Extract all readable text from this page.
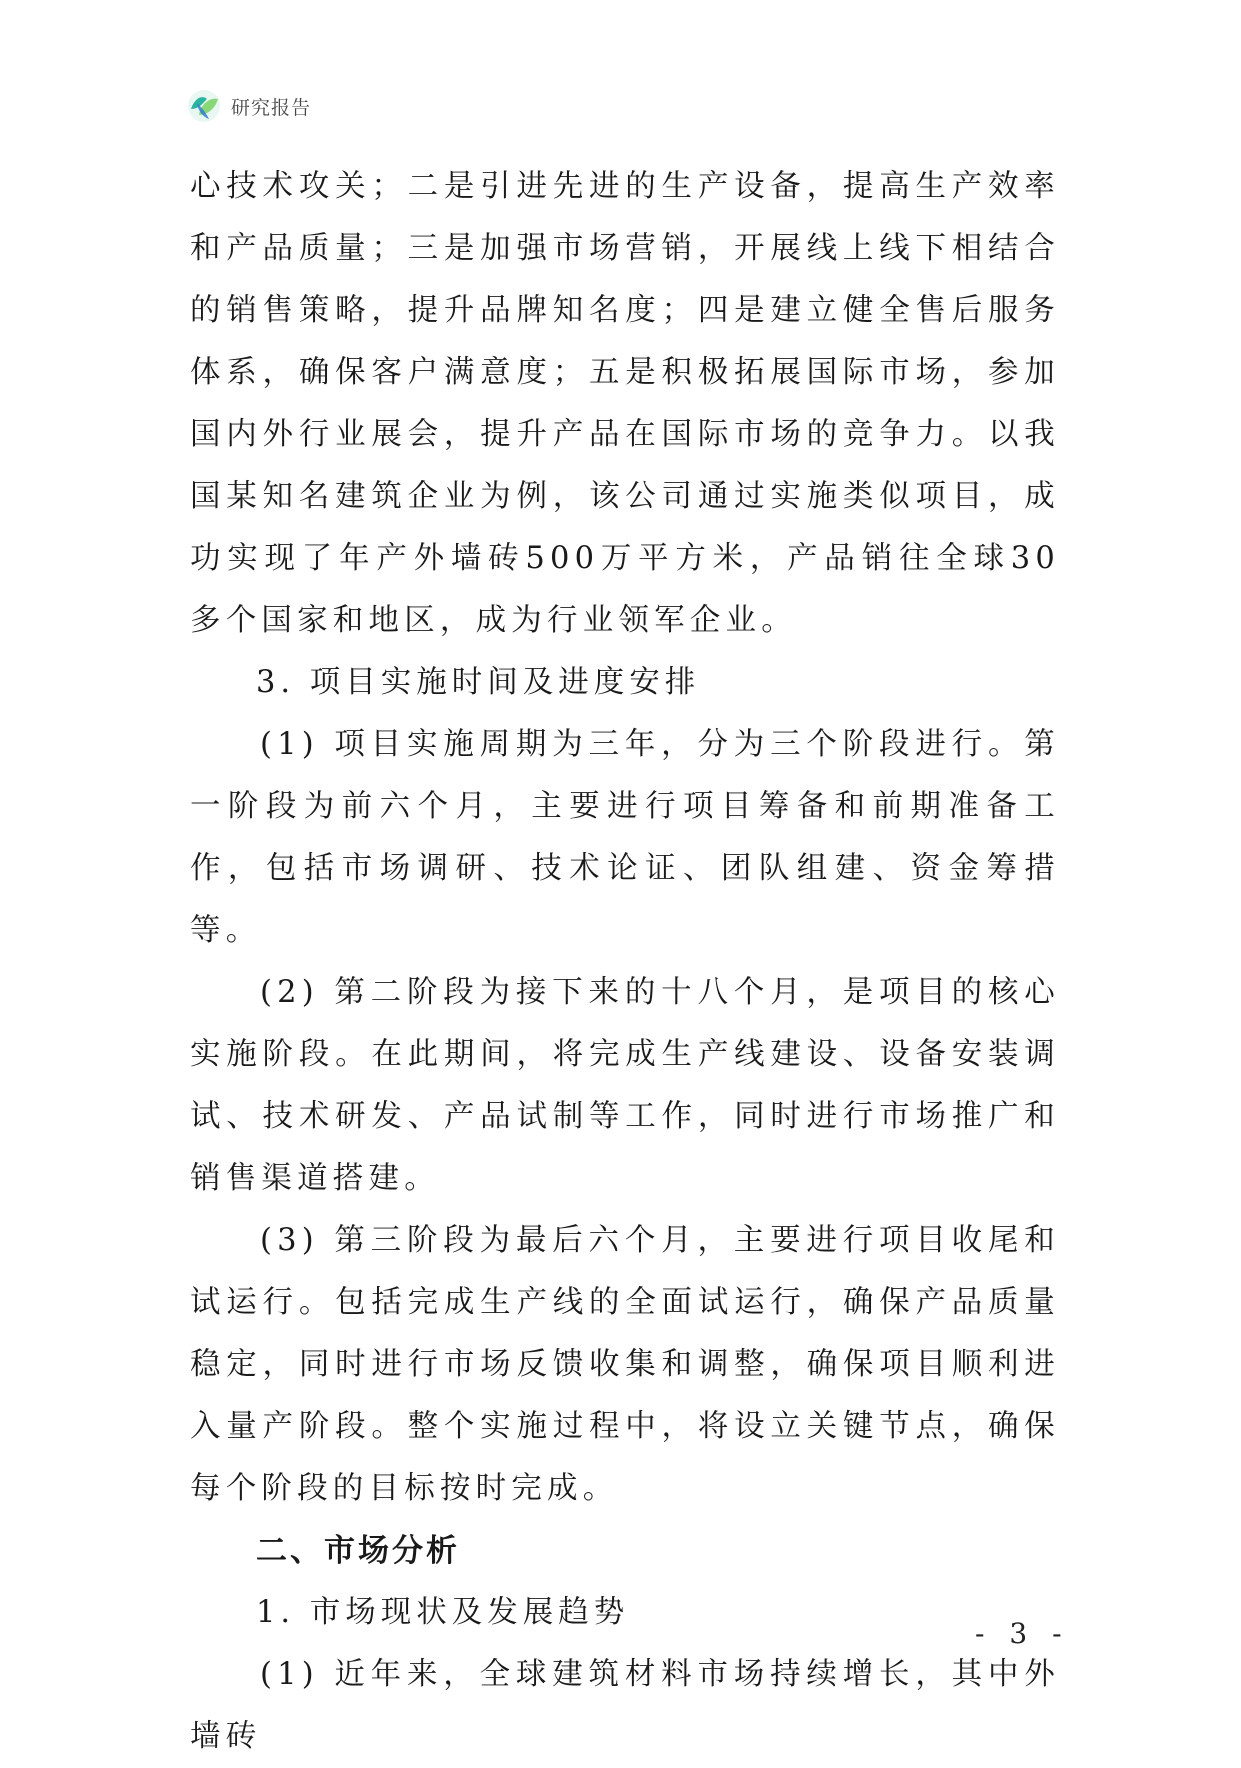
研究报告

心技术攻关；二是引进先进的生产设备，提高生产效率和产品质量；三是加强市场营销，开展线上线下相结合的销售策略，提升品牌知名度；四是建立健全售后服务体系，确保客户满意度；五是积极拓展国际市场，参加国内外行业展会，提升产品在国际市场的竞争力。以我国某知名建筑企业为例，该公司通过实施类似项目，成功实现了年产外墙砖500万平方米，产品销往全球30多个国家和地区，成为行业领军企业。

3. 项目实施时间及进度安排

(1) 项目实施周期为三年，分为三个阶段进行。第一阶段为前六个月，主要进行项目筹备和前期准备工作，包括市场调研、技术论证、团队组建、资金筹措等。

(2) 第二阶段为接下来的十八个月，是项目的核心实施阶段。在此期间，将完成生产线建设、设备安装调试、技术研发、产品试制等工作，同时进行市场推广和销售渠道搭建。

(3) 第三阶段为最后六个月，主要进行项目收尾和试运行。包括完成生产线的全面试运行，确保产品质量稳定，同时进行市场反馈收集和调整，确保项目顺利进入量产阶段。整个实施过程中，将设立关键节点，确保每个阶段的目标按时完成。

二、市场分析

1. 市场现状及发展趋势

(1) 近年来，全球建筑材料市场持续增长，其中外墙砖

- 3 -
